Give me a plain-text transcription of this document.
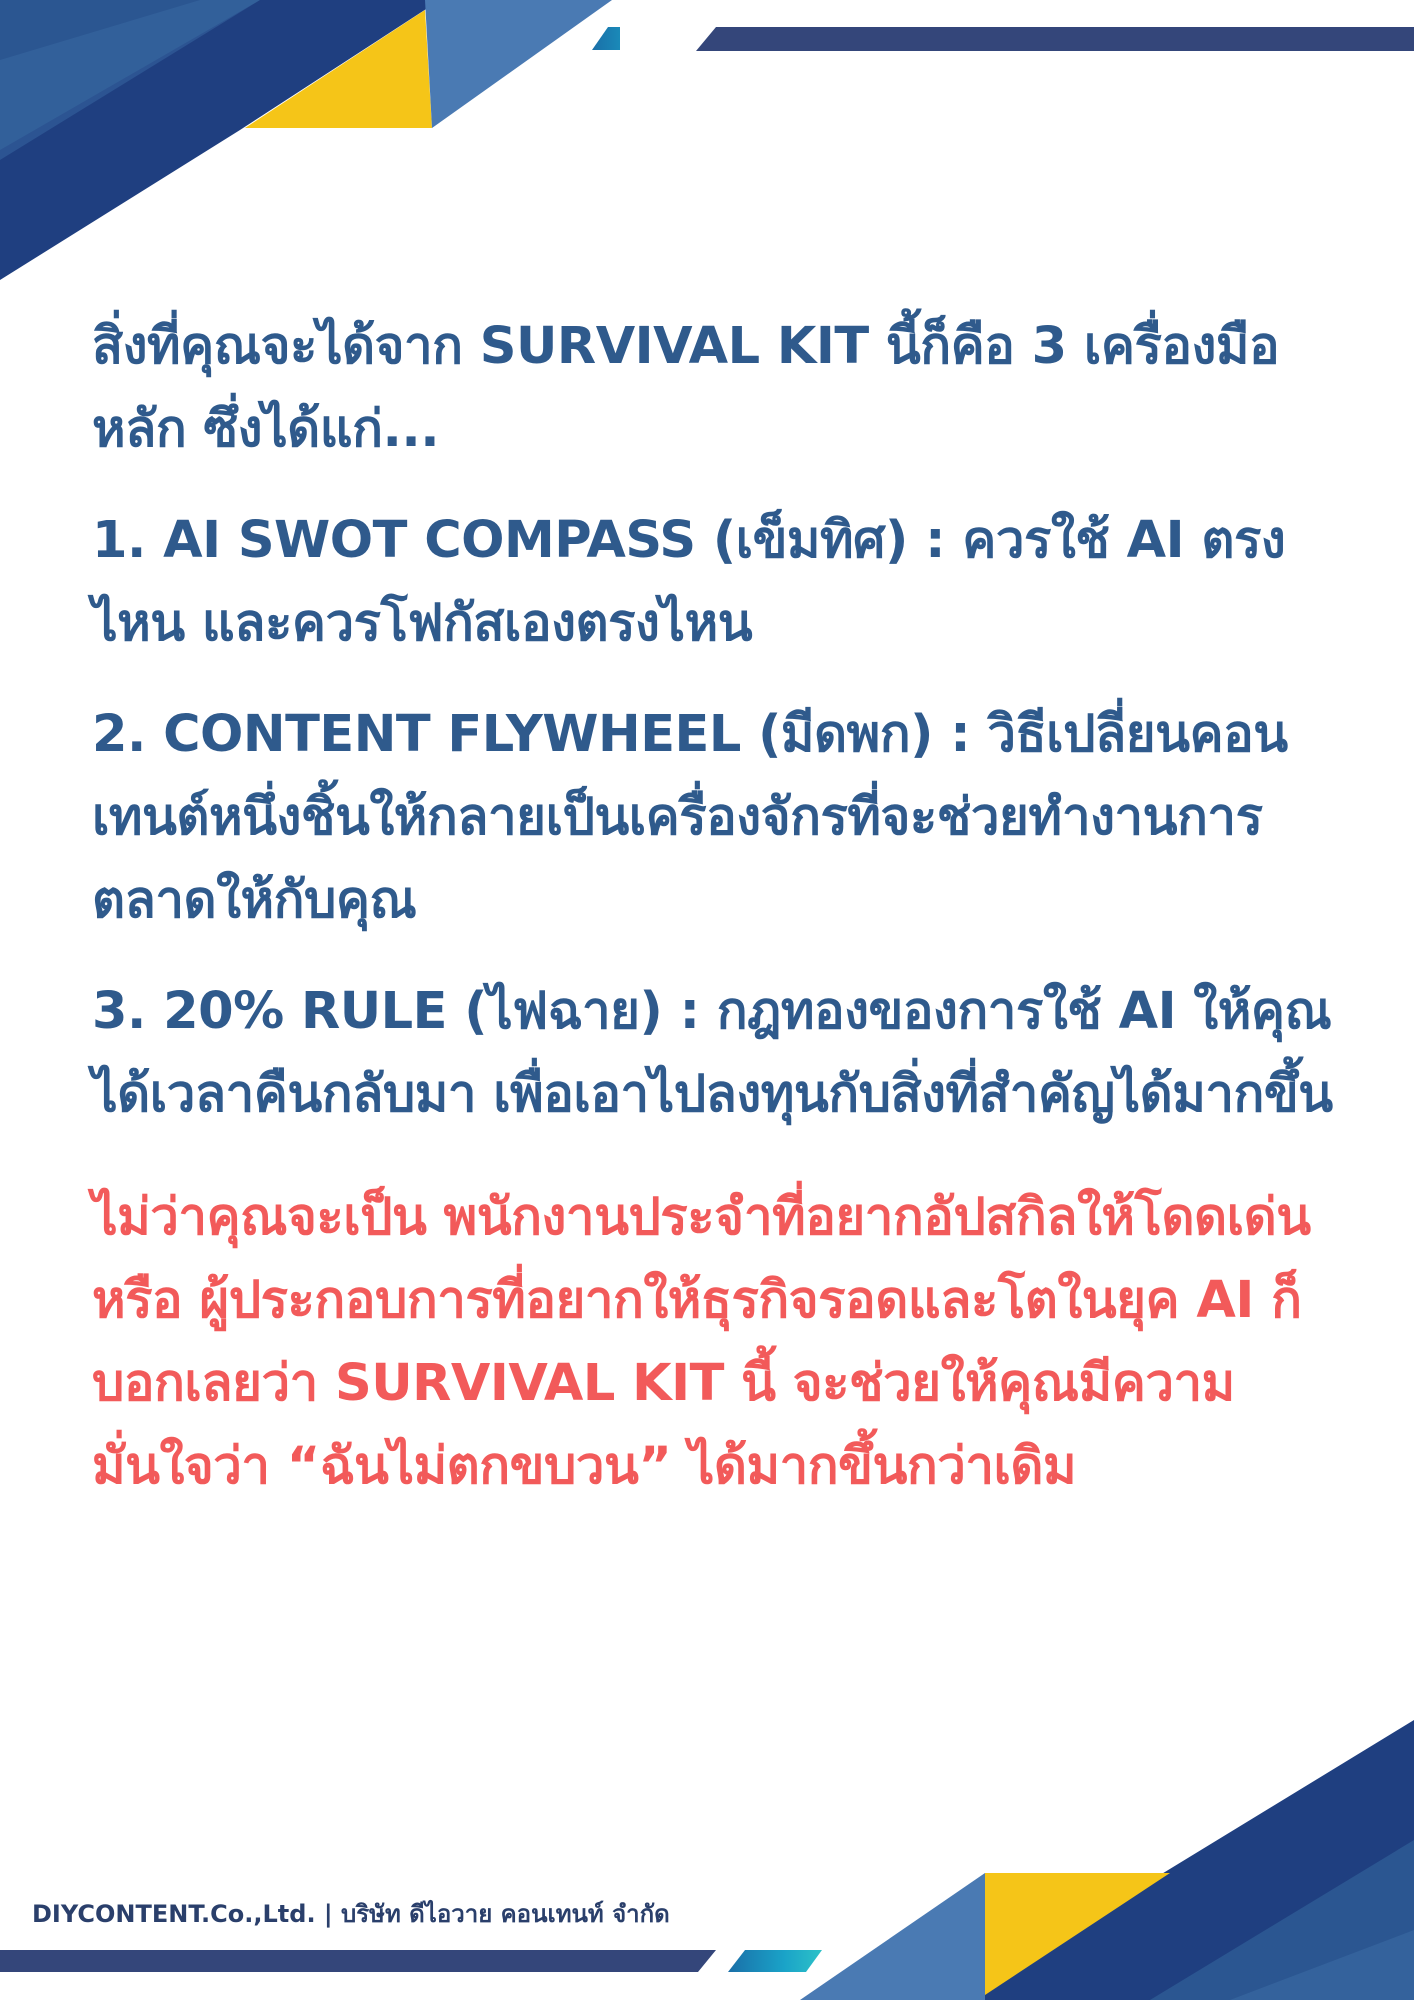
สิ่งที่คุณจะได้จาก SURVIVAL KIT นี้ก็คือ 3 เครื่องมือหลัก ซึ่งได้แก่...

1. AI SWOT COMPASS (เข็มทิศ) : ควรใช้ AI ตรงไหน และควรโฟกัสเองตรงไหน

2. CONTENT FLYWHEEL (มีดพก) : วิธีเปลี่ยนคอนเทนต์หนึ่งชิ้นให้กลายเป็นเครื่องจักรที่จะช่วยทำงานการตลาดให้กับคุณ

3. 20% RULE (ไฟฉาย) : กฎทองของการใช้ AI ให้คุณได้เวลาคืนกลับมา เพื่อเอาไปลงทุนกับสิ่งที่สำคัญได้มากขึ้น

ไม่ว่าคุณจะเป็น พนักงานประจำที่อยากอัปสกิลให้โดดเด่น หรือ ผู้ประกอบการที่อยากให้ธุรกิจรอดและโตในยุค AI ก็บอกเลยว่า SURVIVAL KIT นี้ จะช่วยให้คุณมีความมั่นใจว่า “ฉันไม่ตกขบวน” ได้มากขึ้นกว่าเดิม

DIYCONTENT.Co.,Ltd. | บริษัท ดีไอวาย คอนเทนท์ จำกัด
